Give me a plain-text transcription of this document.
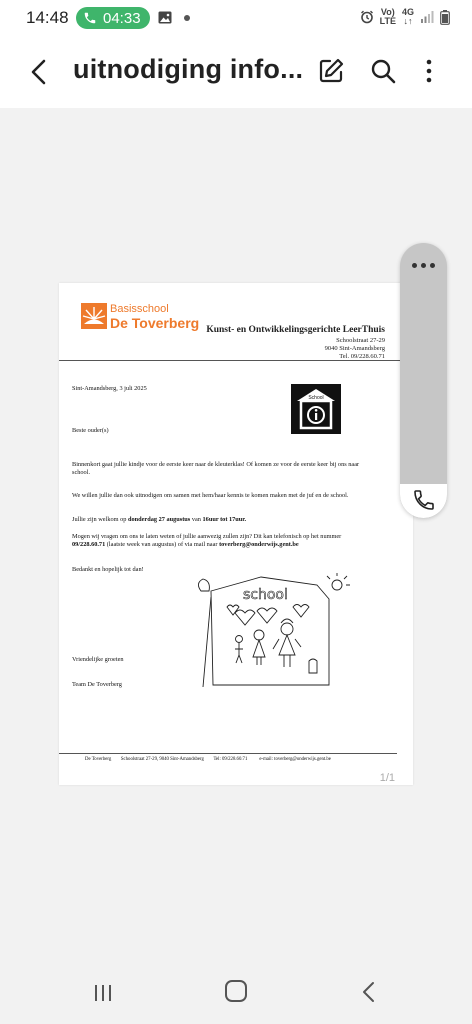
14:48 04:33	Vo)
LTE
4G
↓↑
uitnodiging info...
Basisschool
De Toverberg Kunst- en Ontwikkelingsgerichte LeerThuis
Schoolstraat 27-29
9040 Sint-Amandsberg
Tel. 09/228.60.71
School
Sint-Amandsberg, 3 juli 2025
Beste ouder(s)
Binnenkort gaat jullie kindje voor de eerste keer naar de kleuterklas! Of komen ze voor de eerste keer bij ons naar school.
We willen jullie dan ook uitnodigen om samen met hem/haar kennis te komen maken met de juf en de school.
Jullie zijn welkom op donderdag 27 augustus van 16uur tot 17uur.
Mogen wij vragen om ons te laten weten of jullie aanwezig zullen zijn? Dit kan telefonisch op het nummer 09/228.60.71 (laatste week van augustus) of via mail naar toverberg@onderwijs.gent.be
Bedankt en hopelijk tot dan!
Vriendelijke groeten
Team De Toverberg
school
De Toverberg Schoolstraat 27-29, 9040 Sint-Amandsberg Tel: 09/228.60.71	e-mail: toverberg@onderwijs.gent.be
1/1
